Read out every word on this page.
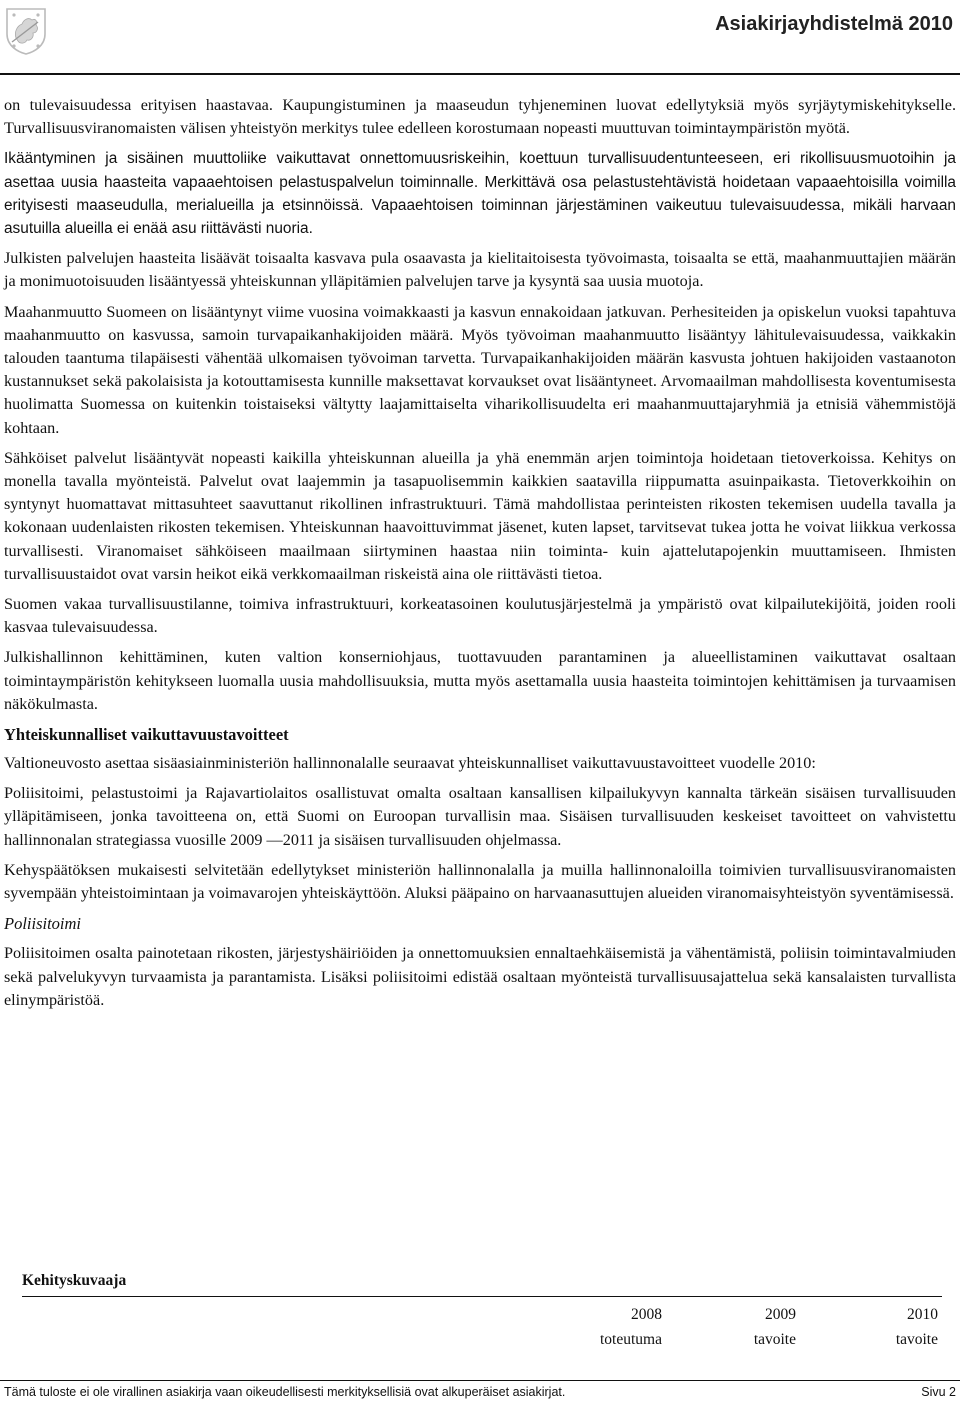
Asiakirjayhdistelmä 2010

on tulevaisuudessa erityisen haastavaa. Kaupungistuminen ja maaseudun tyhjeneminen luovat edellytyksiä myös syrjäytymiskehitykselle. Turvallisuusviranomaisten välisen yhteistyön merkitys tulee edelleen korostumaan nopeasti muuttuvan toimintaympäristön myötä.

Ikääntyminen ja sisäinen muuttoliike vaikuttavat onnettomuusriskeihin, koettuun turvallisuudentunteeseen, eri rikollisuusmuotoihin ja asettaa uusia haasteita vapaaehtoisen pelastuspalvelun toiminnalle. Merkittävä osa pelastustehtävistä hoidetaan vapaaehtoisilla voimilla erityisesti maaseudulla, merialueilla ja etsinnöissä. Vapaaehtoisen toiminnan järjestäminen vaikeutuu tulevaisuudessa, mikäli harvaan asutuilla alueilla ei enää asu riittävästi nuoria.

Julkisten palvelujen haasteita lisäävät toisaalta kasvava pula osaavasta ja kielitaitoisesta työvoimasta, toisaalta se että, maahanmuuttajien määrän ja monimuotoisuuden lisääntyessä yhteiskunnan ylläpitämien palvelujen tarve ja kysyntä saa uusia muotoja.

Maahanmuutto Suomeen on lisääntynyt viime vuosina voimakkaasti ja kasvun ennakoidaan jatkuvan. Perhesiteiden ja opiskelun vuoksi tapahtuva maahanmuutto on kasvussa, samoin turvapaikanhakijoiden määrä. Myös työvoiman maahanmuutto lisääntyy lähitulevaisuudessa, vaikkakin talouden taantuma tilapäisesti vähentää ulkomaisen työvoiman tarvetta. Turvapaikanhakijoiden määrän kasvusta johtuen hakijoiden vastaanoton kustannukset sekä pakolaisista ja kotouttamisesta kunnille maksettavat korvaukset ovat lisääntyneet. Arvomaailman mahdollisesta koventumisesta huolimatta Suomessa on kuitenkin toistaiseksi vältytty laajamittaiselta viharikollisuudelta eri maahanmuuttajaryhmiä ja etnisiä vähemmistöjä kohtaan.

Sähköiset palvelut lisääntyvät nopeasti kaikilla yhteiskunnan alueilla ja yhä enemmän arjen toimintoja hoidetaan tietoverkoissa. Kehitys on monella tavalla myönteistä. Palvelut ovat laajemmin ja tasapuolisemmin kaikkien saatavilla riippumatta asuinpaikasta. Tietoverkkoihin on syntynyt huomattavat mittasuhteet saavuttanut rikollinen infrastruktuuri. Tämä mahdollistaa perinteisten rikosten tekemisen uudella tavalla ja kokonaan uudenlaisten rikosten tekemisen. Yhteiskunnan haavoittuvimmat jäsenet, kuten lapset, tarvitsevat tukea jotta he voivat liikkua verkossa turvallisesti. Viranomaiset sähköiseen maailmaan siirtyminen haastaa niin toiminta- kuin ajattelutapojenkin muuttamiseen. Ihmisten turvallisuustaidot ovat varsin heikot eikä verkkomaailman riskeistä aina ole riittävästi tietoa.

Suomen vakaa turvallisuustilanne, toimiva infrastruktuuri, korkeatasoinen koulutusjärjestelmä ja ympäristö ovat kilpailutekijöitä, joiden rooli kasvaa tulevaisuudessa.

Julkishallinnon kehittäminen, kuten valtion konserniohjaus, tuottavuuden parantaminen ja alueellistaminen vaikuttavat osaltaan toimintaympäristön kehitykseen luomalla uusia mahdollisuuksia, mutta myös asettamalla uusia haasteita toimintojen kehittämisen ja turvaamisen näkökulmasta.

Yhteiskunnalliset vaikuttavuustavoitteet

Valtioneuvosto asettaa sisäasiainministeriön hallinnonalalle seuraavat yhteiskunnalliset vaikuttavuustavoitteet vuodelle 2010:

Poliisitoimi, pelastustoimi ja Rajavartiolaitos osallistuvat omalta osaltaan kansallisen kilpailukyvyn kannalta tärkeän sisäisen turvallisuuden ylläpitämiseen, jonka tavoitteena on, että Suomi on Euroopan turvallisin maa. Sisäisen turvallisuuden keskeiset tavoitteet on vahvistettu hallinnonalan strategiassa vuosille 2009 —2011 ja sisäisen turvallisuuden ohjelmassa.

Kehyspäätöksen mukaisesti selvitetään edellytykset ministeriön hallinnonalalla ja muilla hallinnonaloilla toimivien turvallisuusviranomaisten syvempään yhteistoimintaan ja voimavarojen yhteiskäyttöön. Aluksi pääpaino on harvaanasuttujen alueiden viranomaisyhteistyön syventämisessä.

Poliisitoimi

Poliisitoimen osalta painotetaan rikosten, järjestyshäiriöiden ja onnettomuuksien ennaltaehkäisemistä ja vähentämistä, poliisin toimintavalmiuden sekä palvelukyvyn turvaamista ja parantamista. Lisäksi poliisitoimi edistää osaltaan myönteistä turvallisuusajattelua sekä kansalaisten turvallista elinympäristöä.

Kehityskuvaaja
2008	2009	2010
toteutuma	tavoite	tavoite
Tämä tuloste ei ole virallinen asiakirja vaan oikeudellisesti merkityksellisiä ovat alkuperäiset asiakirjat.	Sivu 2
